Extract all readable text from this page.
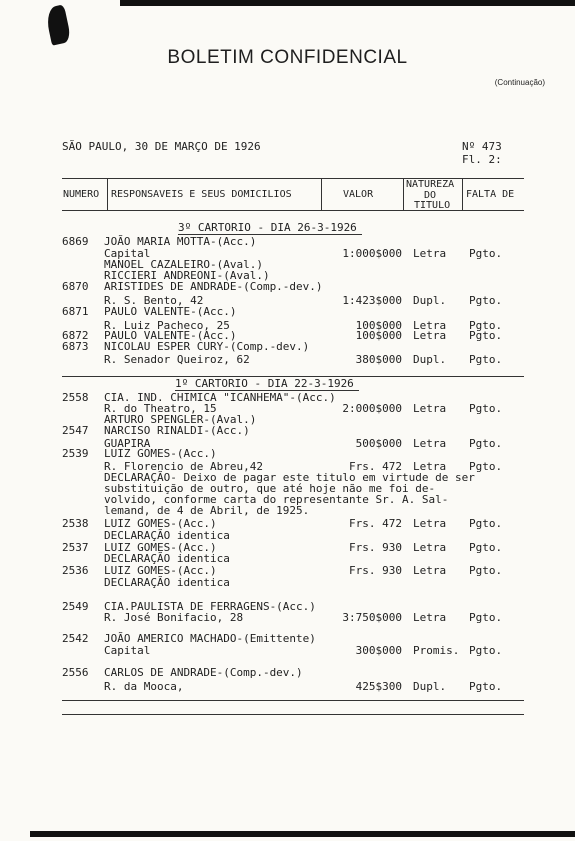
BOLETIM CONFIDENCIAL
(Continuação)
SÃO PAULO, 30 DE MARÇO DE 1926	Nº 473
Fl. 2:
NUMERO RESPONSAVEIS E SEUS DOMICILIOS	VALOR
NATUREZA
DO
TITULO
FALTA DE
3º CARTORIO - DIA 26-3-1926
1º CARTORIO - DIA 22-3-1926
6869 JOÃO MARIA MOTTA-(Acc.)
Capital	1:000$000 Letra Pgto.
MANOEL CAZALEIRO-(Aval.)
RICCIERI ANDREONI-(Aval.)
6870 ARISTIDES DE ANDRADE-(Comp.-dev.)
R. S. Bento, 42	1:423$000 Dupl. Pgto.
6871 PAULO VALENTE-(Acc.)
R. Luiz Pacheco, 25	100$000 Letra Pgto.
6872 PAULO VALENTE-(Acc.)	100$000 Letra Pgto.
6873 NICOLAU ESPER CURY-(Comp.-dev.)
R. Senador Queiroz, 62	380$000 Dupl. Pgto.
2558 CIA. IND. CHIMICA "ICANHEMA"-(Acc.)
R. do Theatro, 15	2:000$000 Letra Pgto.
ARTURO SPENGLER-(Aval.)
2547 NARCISO RINALDI-(Acc.)
GUAPIRA	500$000 Letra Pgto.
2539 LUIZ GOMES-(Acc.)
R. Florencio de Abreu,42	Frs. 472 Letra Pgto.
DECLARAÇÃO- Deixo de pagar este titulo em virtude de ser
substituição de outro, que até hoje não me foi de-
volvido, conforme carta do representante Sr. A. Sal-
lemand, de 4 de Abril, de 1925.
2538 LUIZ GOMES-(Acc.)	Frs. 472 Letra Pgto.
DECLARAÇÃO identica
2537 LUIZ GOMES-(Acc.)	Frs. 930 Letra Pgto.
DECLARAÇÃO identica
2536 LUIZ GOMES-(Acc.)	Frs. 930 Letra Pgto.
DECLARAÇÃO identica
2549 CIA.PAULISTA DE FERRAGENS-(Acc.)
R. José Bonifacio, 28	3:750$000 Letra Pgto.
2542 JOÃO AMERICO MACHADO-(Emittente)
Capital	300$000 Promis. Pgto.
2556 CARLOS DE ANDRADE-(Comp.-dev.)
R. da Mooca,	425$300 Dupl. Pgto.
